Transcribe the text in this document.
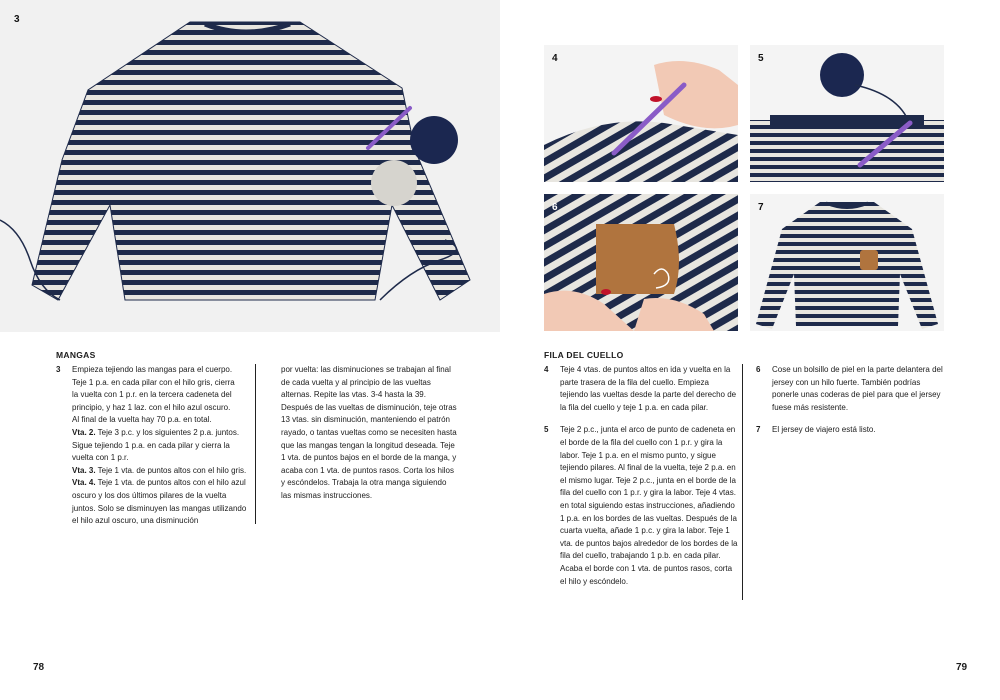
3
4	5
6	7
MANGAS
3 Empieza tejiendo las mangas para el cuerpo.

Teje 1 p.a. en cada pilar con el hilo gris, cierra

la vuelta con 1 p.r. en la tercera cadeneta del

principio, y haz 1 laz. con el hilo azul oscuro.

Al final de la vuelta hay 70 p.a. en total.

Vta. 2. Teje 3 p.c. y los siguientes 2 p.a. juntos. Sigue tejiendo 1 p.a. en cada pilar y cierra la vuelta con 1 p.r.

Vta. 3. Teje 1 vta. de puntos altos con el hilo gris.

Vta. 4. Teje 1 vta. de puntos altos con el hilo azul oscuro y los dos últimos pilares de la vuelta juntos. Solo se disminuyen las mangas utilizando el hilo azul oscuro, una disminución

por vuelta: las disminuciones se trabajan al final de cada vuelta y al principio de las vueltas alternas. Repite las vtas. 3-4 hasta la 39. Después de las vueltas de disminución, teje otras 13 vtas. sin disminución, manteniendo el patrón rayado, o tantas vueltas como se necesiten hasta que las mangas tengan la longitud deseada. Teje 1 vta. de puntos bajos en el borde de la manga, y acaba con 1 vta. de puntos rasos. Corta los hilos y escóndelos. Trabaja la otra manga siguiendo las mismas instrucciones.

FILA DEL CUELLO
4 Teje 4 vtas. de puntos altos en ida y vuelta en la parte trasera de la fila del cuello. Empieza tejiendo las vueltas desde la parte del derecho de la fila del cuello y teje 1 p.a. en cada pilar.

5 Teje 2 p.c., junta el arco de punto de cadeneta en el borde de la fila del cuello con 1 p.r. y gira la labor. Teje 1 p.a. en el mismo punto, y sigue tejiendo pilares. Al final de la vuelta, teje 2 p.a. en el mismo lugar. Teje 2 p.c., junta en el borde de la fila del cuello con 1 p.r. y gira la labor. Teje 4 vtas. en total siguiendo estas instrucciones, añadiendo 1 p.a. en los bordes de las vueltas. Después de la cuarta vuelta, añade 1 p.c. y gira la labor. Teje 1 vta. de puntos bajos alrededor de los bordes de la fila del cuello, trabajando 1 p.b. en cada pilar. Acaba el borde con 1 vta. de puntos rasos, corta el hilo y escóndelo.

6 Cose un bolsillo de piel en la parte delantera del jersey con un hilo fuerte. También podrías ponerle unas coderas de piel para que el jersey fuese más resistente.

7 El jersey de viajero está listo.

78	79
